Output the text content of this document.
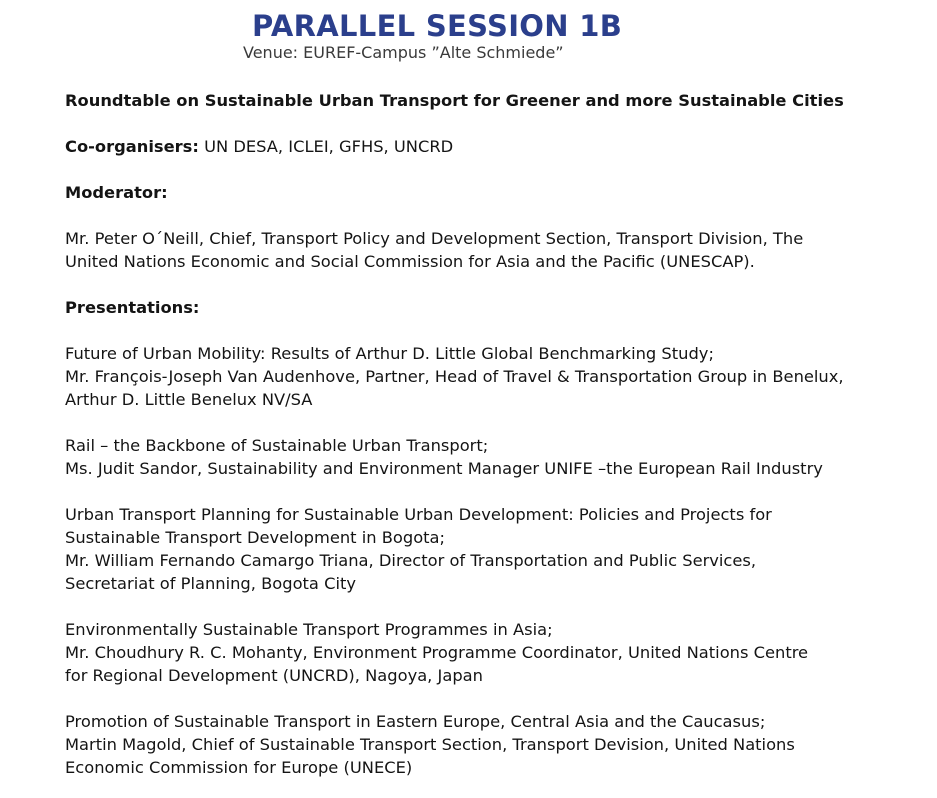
PARALLEL SESSION 1B
Venue: EUREF-Campus ”Alte Schmiede”

Roundtable on Sustainable Urban Transport for Greener and more Sustainable Cities

Co-organisers: UN DESA, ICLEI, GFHS, UNCRD

Moderator:

Mr. Peter O´Neill, Chief, Transport Policy and Development Section, Transport Division, The

United Nations Economic and Social Commission for Asia and the Pacific (UNESCAP).

Presentations:

Future of Urban Mobility: Results of Arthur D. Little Global Benchmarking Study;

Mr. François-Joseph Van Audenhove, Partner, Head of Travel & Transportation Group in Benelux,

Arthur D. Little Benelux NV/SA

Rail – the Backbone of Sustainable Urban Transport;

Ms. Judit Sandor, Sustainability and Environment Manager UNIFE –the European Rail Industry

Urban Transport Planning for Sustainable Urban Development: Policies and Projects for

Sustainable Transport Development in Bogota;

Mr. William Fernando Camargo Triana, Director of Transportation and Public Services,

Secretariat of Planning, Bogota City

Environmentally Sustainable Transport Programmes in Asia;

Mr. Choudhury R. C. Mohanty, Environment Programme Coordinator, United Nations Centre

for Regional Development (UNCRD), Nagoya, Japan

Promotion of Sustainable Transport in Eastern Europe, Central Asia and the Caucasus;

Martin Magold, Chief of Sustainable Transport Section, Transport Devision, United Nations

Economic Commission for Europe (UNECE)
